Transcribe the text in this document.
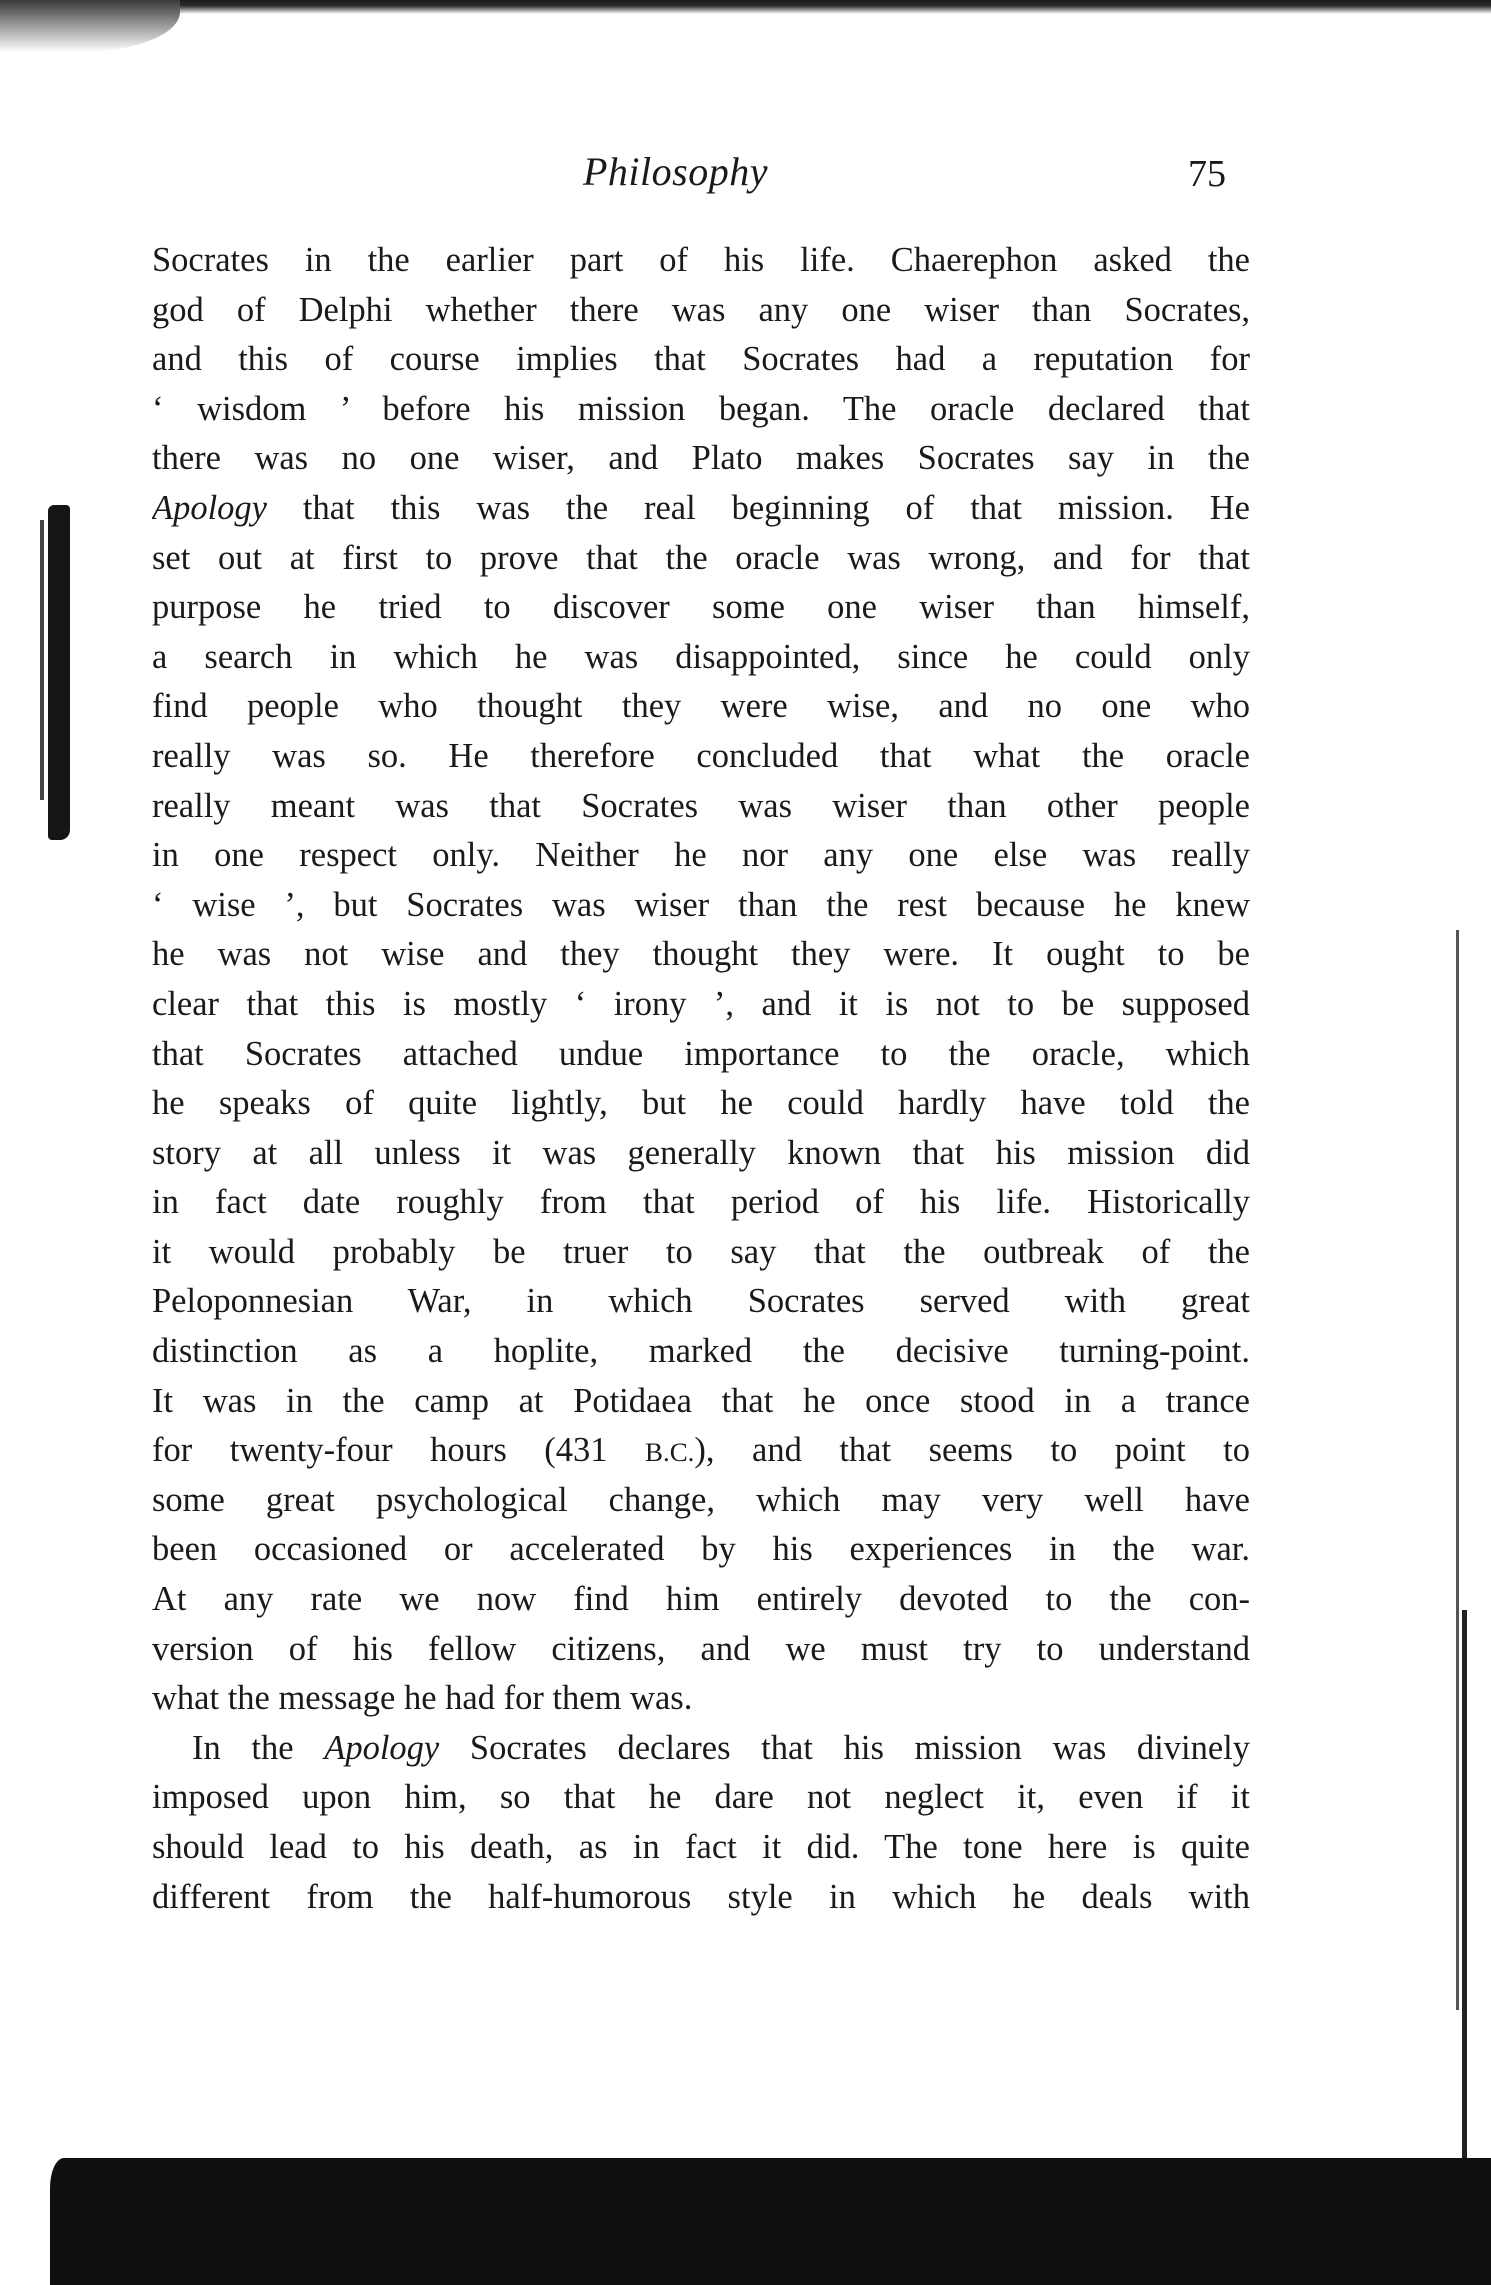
Philosophy	75
Socrates in the earlier part of his life. Chaerephon asked the
god of Delphi whether there was any one wiser than Socrates,
and this of course implies that Socrates had a reputation for
‘ wisdom ’ before his mission began. The oracle declared that
there was no one wiser, and Plato makes Socrates say in the
Apology that this was the real beginning of that mission. He
set out at first to prove that the oracle was wrong, and for that
purpose he tried to discover some one wiser than himself,
a search in which he was disappointed, since he could only
find people who thought they were wise, and no one who
really was so. He therefore concluded that what the oracle
really meant was that Socrates was wiser than other people
in one respect only. Neither he nor any one else was really
‘ wise ’, but Socrates was wiser than the rest because he knew
he was not wise and they thought they were. It ought to be
clear that this is mostly ‘ irony ’, and it is not to be supposed
that Socrates attached undue importance to the oracle, which
he speaks of quite lightly, but he could hardly have told the
story at all unless it was generally known that his mission did
in fact date roughly from that period of his life. Historically
it would probably be truer to say that the outbreak of the
Peloponnesian War, in which Socrates served with great
distinction as a hoplite, marked the decisive turning-point.
It was in the camp at Potidaea that he once stood in a trance
for twenty-four hours (431 B.C.), and that seems to point to
some great psychological change, which may very well have
been occasioned or accelerated by his experiences in the war.
At any rate we now find him entirely devoted to the con-
version of his fellow citizens, and we must try to understand
what the message he had for them was.
In the Apology Socrates declares that his mission was divinely
imposed upon him, so that he dare not neglect it, even if it
should lead to his death, as in fact it did. The tone here is quite
different from the half-humorous style in which he deals with
